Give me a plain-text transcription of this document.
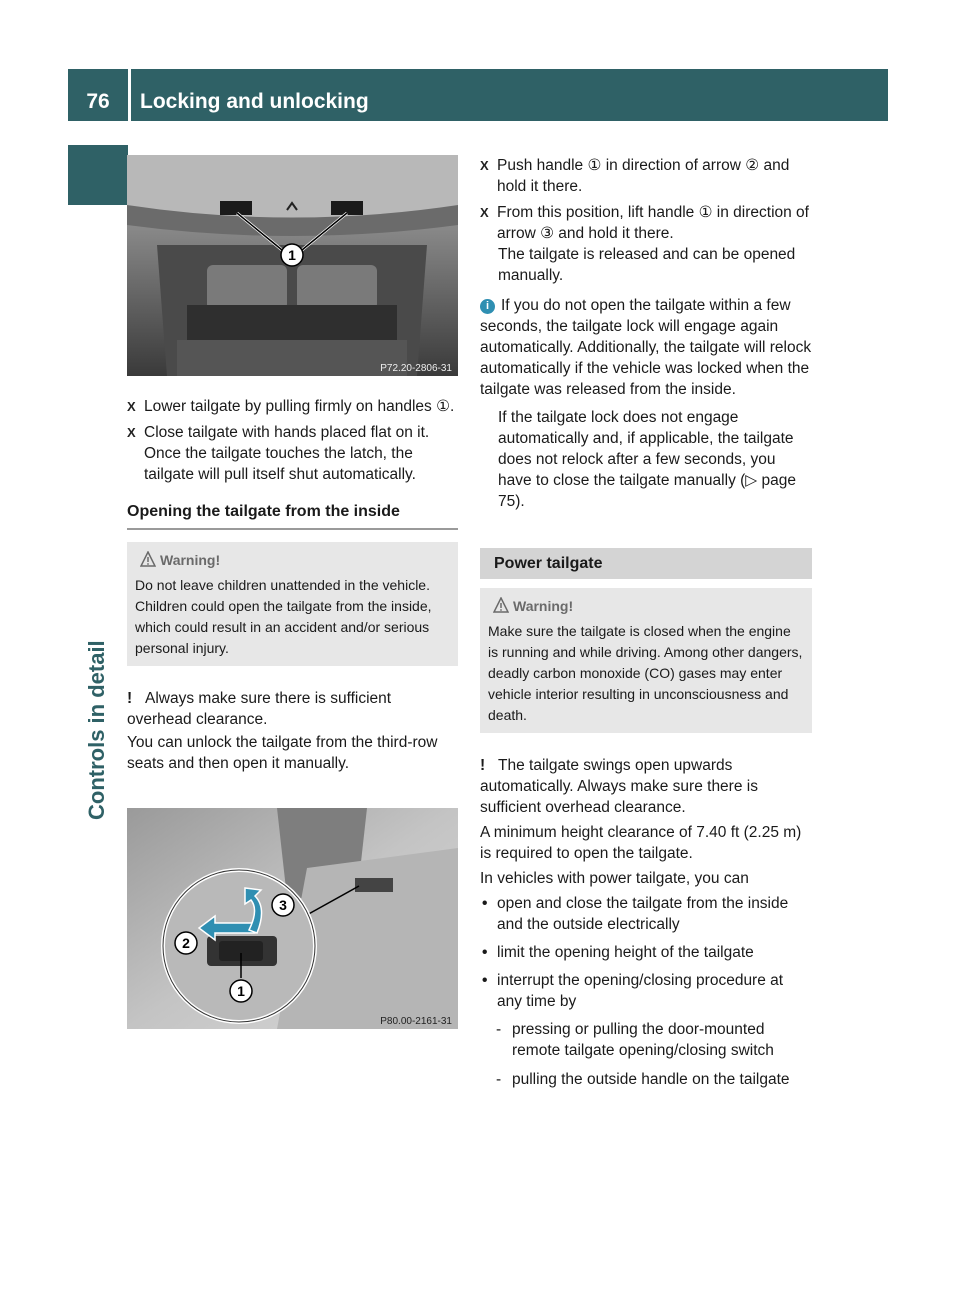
76	Locking and unlocking
Controls in detail
1
P72.20-2806-31

X Lower tailgate by pulling firmly on handles ①.

X Close tailgate with hands placed flat on it. Once the tailgate touches the latch, the tailgate will pull itself shut automatically.

Opening the tailgate from the inside

Warning!
Do not leave children unattended in the vehicle. Children could open the tailgate from the inside, which could result in an accident and/or serious personal injury.

! Always make sure there is sufficient overhead clearance.

You can unlock the tailgate from the third-row seats and then open it manually.

1
2
3
P80.00-2161-31

X Push handle ① in direction of arrow ② and hold it there.

X From this position, lift handle ① in direction of arrow ③ and hold it there.

The tailgate is released and can be opened manually.

i If you do not open the tailgate within a few seconds, the tailgate lock will engage again automatically. Additionally, the tailgate will relock automatically if the vehicle was locked when the tailgate was released from the inside.

If the tailgate lock does not engage automatically and, if applicable, the tailgate does not relock after a few seconds, you have to close the tailgate manually (▷ page 75).

Power tailgate
Warning!
Make sure the tailgate is closed when the engine is running and while driving. Among other dangers, deadly carbon monoxide (CO) gases may enter vehicle interior resulting in unconsciousness and death.

! The tailgate swings open upwards automatically. Always make sure there is sufficient overhead clearance.

A minimum height clearance of 7.40 ft (2.25 m) is required to open the tailgate.

In vehicles with power tailgate, you can

• open and close the tailgate from the inside and the outside electrically

• limit the opening height of the tailgate

• interrupt the opening/closing procedure at any time by

- pressing or pulling the door-mounted remote tailgate opening/closing switch

- pulling the outside handle on the tailgate
